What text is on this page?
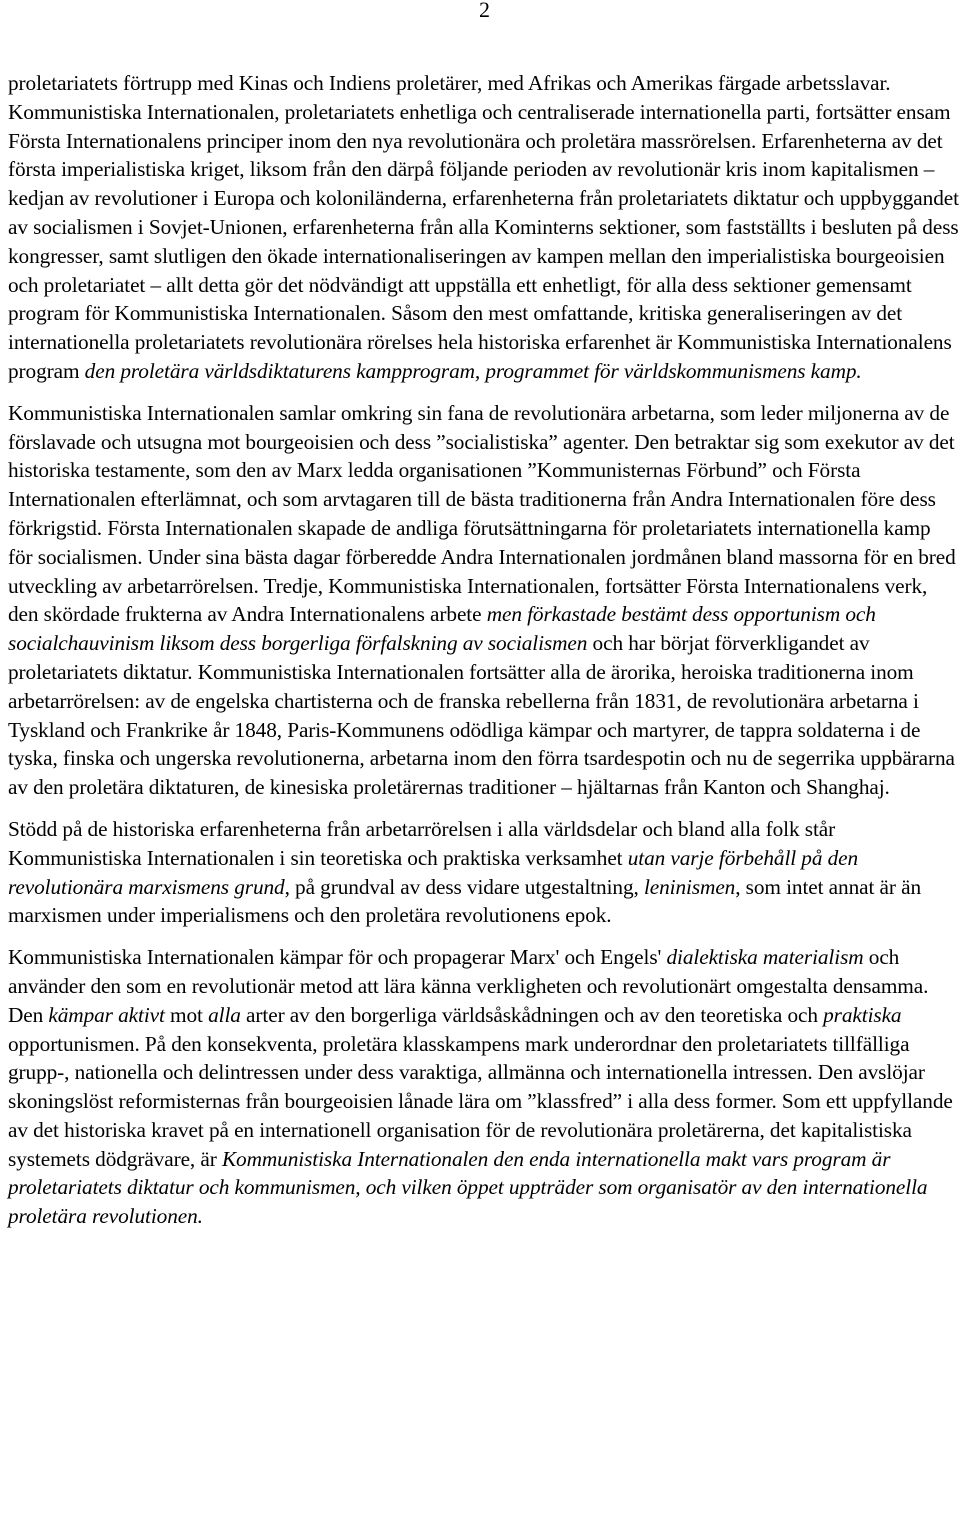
2

proletariatets förtrupp med Kinas och Indiens proletärer, med Afrikas och Amerikas färgade arbetsslavar.

Kommunistiska Internationalen, proletariatets enhetliga och centraliserade internationella parti, fortsätter ensam Första Internationalens principer inom den nya revolutionära och proletära massrörelsen. Erfarenheterna av det första imperialistiska kriget, liksom från den därpå följande perioden av revolutionär kris inom kapitalismen – kedjan av revolutioner i Europa och koloniländerna, erfarenheterna från proletariatets diktatur och uppbyggandet av socialismen i Sovjet-Unionen, erfarenheterna från alla Kominterns sektioner, som fastställts i besluten på dess kongresser, samt slutligen den ökade internationaliseringen av kampen mellan den imperialistiska bourgeoisien och proletariatet – allt detta gör det nödvändigt att uppställa ett enhetligt, för alla dess sektioner gemensamt program för Kommunistiska Internationalen. Såsom den mest omfattande, kritiska generaliseringen av det internationella proletariatets revolutionära rörelses hela historiska erfarenhet är Kommunistiska Internationalens program den proletära världsdiktaturens kampprogram, programmet för världskommunismens kamp.

Kommunistiska Internationalen samlar omkring sin fana de revolutionära arbetarna, som leder miljonerna av de förslavade och utsugna mot bourgeoisien och dess ”socialistiska” agenter. Den betraktar sig som exekutor av det historiska testamente, som den av Marx ledda organisationen ”Kommunisternas Förbund” och Första Internationalen efterlämnat, och som arvtagaren till de bästa traditionerna från Andra Internationalen före dess förkrigstid. Första Internationalen skapade de andliga förutsättningarna för proletariatets internationella kamp för socialismen. Under sina bästa dagar förberedde Andra Internationalen jordmånen bland massorna för en bred utveckling av arbetarrörelsen. Tredje, Kommunistiska Internationalen, fortsätter Första Internationalens verk, den skördade frukterna av Andra Internationalens arbete men förkastade bestämt dess opportunism och socialchauvinism liksom dess borgerliga förfalskning av socialismen och har börjat förverkligandet av proletariatets diktatur. Kommunistiska Internationalen fortsätter alla de ärorika, heroiska traditionerna inom arbetarrörelsen: av de engelska chartisterna och de franska rebellerna från 1831, de revolutionära arbetarna i Tyskland och Frankrike år 1848, Paris-Kommunens odödliga kämpar och martyrer, de tappra soldaterna i de tyska, finska och ungerska revolutionerna, arbetarna inom den förra tsardespotin och nu de segerrika uppbärarna av den proletära diktaturen, de kinesiska proletärernas traditioner – hjältarnas från Kanton och Shanghaj.

Stödd på de historiska erfarenheterna från arbetarrörelsen i alla världsdelar och bland alla folk står Kommunistiska Internationalen i sin teoretiska och praktiska verksamhet utan varje förbehåll på den revolutionära marxismens grund, på grundval av dess vidare utgestaltning, leninismen, som intet annat är än marxismen under imperialismens och den proletära revolutionens epok.

Kommunistiska Internationalen kämpar för och propagerar Marx' och Engels' dialektiska materialism och använder den som en revolutionär metod att lära känna verkligheten och revolutionärt omgestalta densamma. Den kämpar aktivt mot alla arter av den borgerliga världsåskådningen och av den teoretiska och praktiska opportunismen. På den konsekventa, proletära klasskampens mark underordnar den proletariatets tillfälliga grupp-, nationella och delintressen under dess varaktiga, allmänna och internationella intressen. Den avslöjar skoningslöst reformisternas från bourgeoisien lånade lära om ”klassfred” i alla dess former. Som ett uppfyllande av det historiska kravet på en internationell organisation för de revolutionära proletärerna, det kapitalistiska systemets dödgrävare, är Kommunistiska Internationalen den enda internationella makt vars program är proletariatets diktatur och kommunismen, och vilken öppet uppträder som organisatör av den internationella proletära revolutionen.
